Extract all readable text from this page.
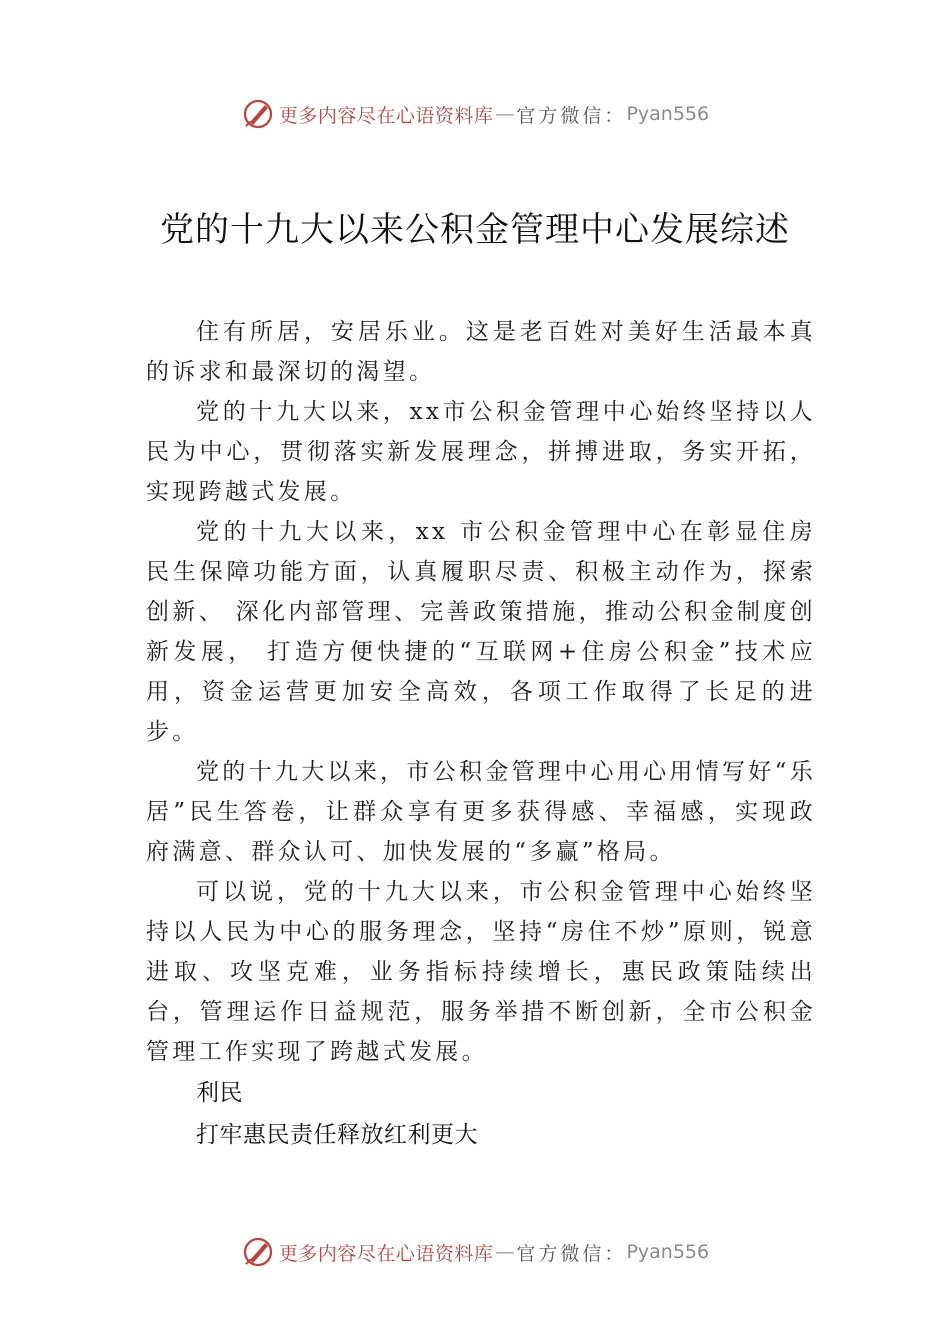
更多内容尽在心语资料库 — 官方微信： Pyan556
党的十九大以来公积金管理中心发展综述

住有所居，安居乐业。这是老百姓对美好生活最本真的诉求和最深切的渴望。

党的十九大以来，xx市公积金管理中心始终坚持以人民为中心，贯彻落实新发展理念，拼搏进取，务实开拓，实现跨越式发展。

党的十九大以来，xx 市公积金管理中心在彰显住房民生保障功能方面，认真履职尽责、积极主动作为，探索创新、 深化内部管理、完善政策措施，推动公积金制度创新发展， 打造方便快捷的“互联网+住房公积金”技术应用，资金运营更加安全高效，各项工作取得了长足的进步。

党的十九大以来，市公积金管理中心用心用情写好“乐居”民生答卷，让群众享有更多获得感、幸福感，实现政府满意、群众认可、加快发展的“多赢”格局。

可以说，党的十九大以来，市公积金管理中心始终坚持以人民为中心的服务理念，坚持“房住不炒”原则，锐意进取、攻坚克难，业务指标持续增长，惠民政策陆续出台，管理运作日益规范，服务举措不断创新，全市公积金管理工作实现了跨越式发展。

利民

打牢惠民责任释放红利更大

更多内容尽在心语资料库 — 官方微信： Pyan556
